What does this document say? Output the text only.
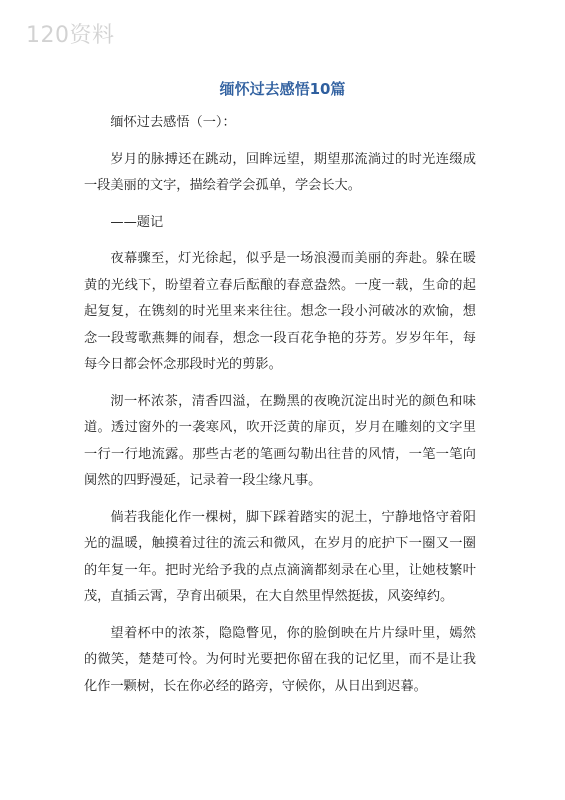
120资料
缅怀过去感悟10篇

缅怀过去感悟（一）：

岁月的脉搏还在跳动，回眸远望，期望那流淌过的时光连缀成一段美丽的文字，描绘着学会孤单，学会长大。

——题记

夜幕骤至，灯光徐起，似乎是一场浪漫而美丽的奔赴。躲在暖黄的光线下，盼望着立春后酝酿的春意盎然。一度一载，生命的起起复复，在镌刻的时光里来来往往。想念一段小河破冰的欢愉，想念一段莺歌燕舞的闹春，想念一段百花争艳的芬芳。岁岁年年，每每今日都会怀念那段时光的剪影。

沏一杯浓茶，清香四溢，在黝黑的夜晚沉淀出时光的颜色和味道。透过窗外的一袭寒风，吹开泛黄的扉页，岁月在雕刻的文字里一行一行地流露。那些古老的笔画勾勒出往昔的风情，一笔一笔向阒然的四野漫延，记录着一段尘缘凡事。

倘若我能化作一棵树，脚下踩着踏实的泥土，宁静地恪守着阳光的温暖，触摸着过往的流云和微风，在岁月的庇护下一圈又一圈的年复一年。把时光给予我的点点滴滴都刻录在心里，让她枝繁叶茂，直插云霄，孕育出硕果，在大自然里悍然挺拔，风姿绰约。

望着杯中的浓茶，隐隐瞥见，你的脸倒映在片片绿叶里，嫣然的微笑，楚楚可怜。为何时光要把你留在我的记忆里，而不是让我化作一颗树，长在你必经的路旁，守候你，从日出到迟暮。
